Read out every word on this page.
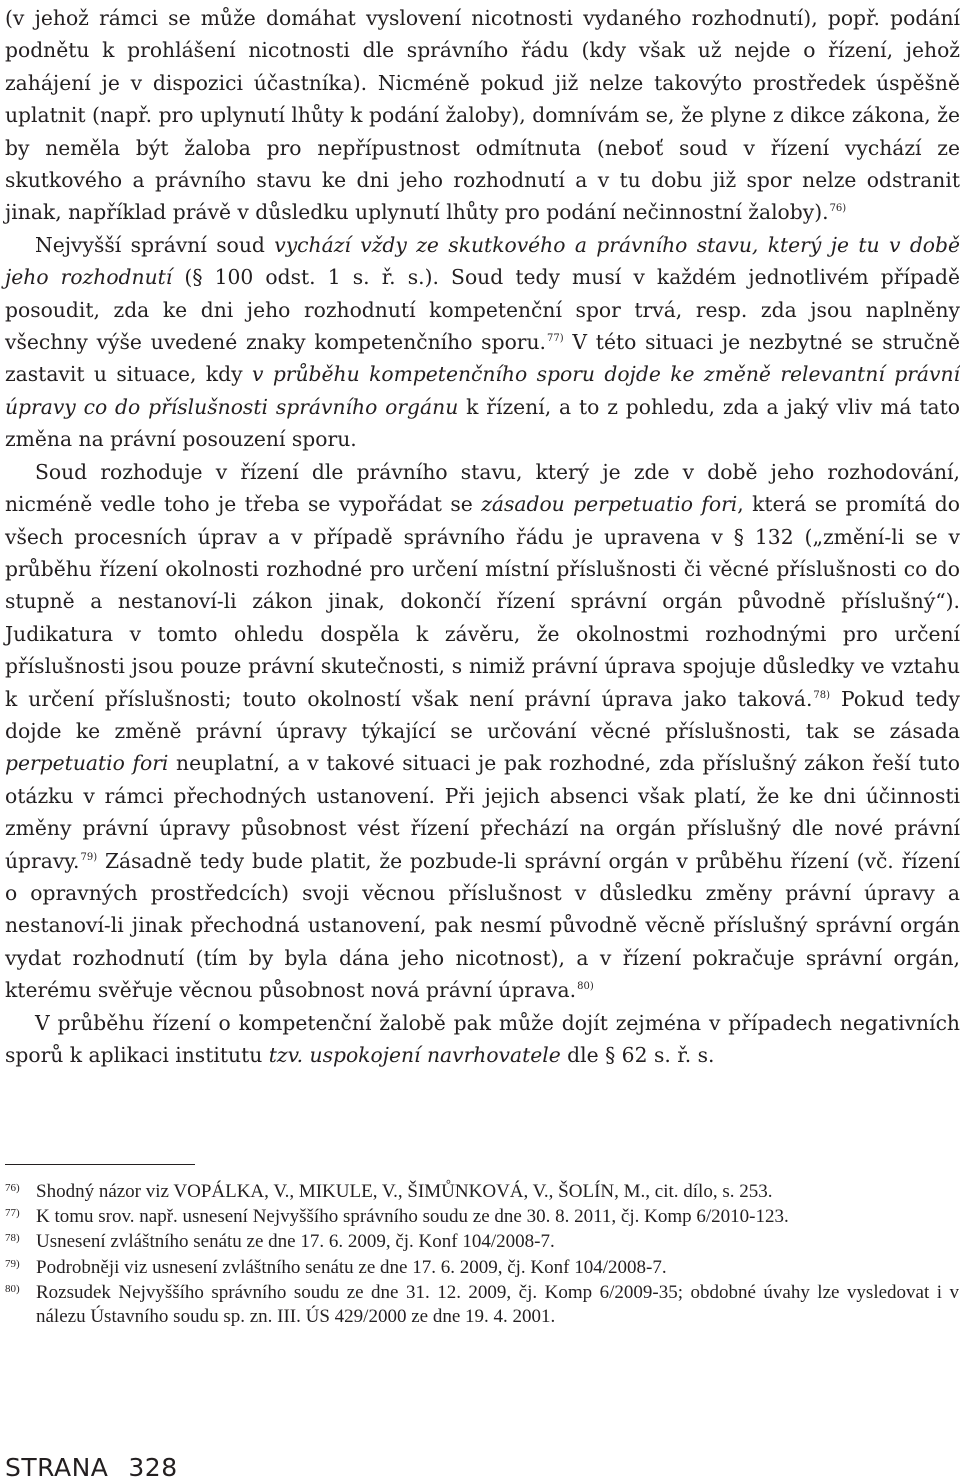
(v jehož rámci se může domáhat vyslovení nicotnosti vydaného rozhodnutí), popř. podání podnětu k prohlášení nicotnosti dle správního řádu (kdy však už nejde o řízení, jehož zahájení je v dispozici účastníka). Nicméně pokud již nelze takovýto prostředek úspěšně uplatnit (např. pro uplynutí lhůty k podání žaloby), domnívám se, že plyne z dikce zákona, že by neměla být žaloba pro nepřípustnost odmítnuta (neboť soud v řízení vychází ze skutkového a právního stavu ke dni jeho rozhodnutí a v tu dobu již spor nelze odstranit jinak, například právě v důsledku uplynutí lhůty pro podání nečinnostní žaloby).$^{76)}$

Nejvyšší správní soud vychází vždy ze skutkového a právního stavu, který je tu v době jeho rozhodnutí (§ 100 odst. 1 s. ř. s.). Soud tedy musí v každém jednotlivém případě posoudit, zda ke dni jeho rozhodnutí kompetenční spor trvá, resp. zda jsou naplněny všechny výše uvedené znaky kompetenčního sporu.$^{77)}$ V této situaci je nezbytné se stručně zastavit u situace, kdy v průběhu kompetenčního sporu dojde ke změně relevantní právní úpravy co do příslušnosti správního orgánu k řízení, a to z pohledu, zda a jaký vliv má tato změna na právní posouzení sporu.

Soud rozhoduje v řízení dle právního stavu, který je zde v době jeho rozhodování, nicméně vedle toho je třeba se vypořádat se zásadou perpetuatio fori, která se promítá do všech procesních úprav a v případě správního řádu je upravena v § 132 („změní-li se v průběhu řízení okolnosti rozhodné pro určení místní příslušnosti či věcné příslušnosti co do stupně a nestanoví-li zákon jinak, dokončí řízení správní orgán původně příslušný“). Judikatura v tomto ohledu dospěla k závěru, že okolnostmi rozhodnými pro určení příslušnosti jsou pouze právní skutečnosti, s nimiž právní úprava spojuje důsledky ve vztahu k určení příslušnosti; touto okolností však není právní úprava jako taková.$^{78)}$ Pokud tedy dojde ke změně právní úpravy týkající se určování věcné příslušnosti, tak se zásada perpetuatio fori neuplatní, a v takové situaci je pak rozhodné, zda příslušný zákon řeší tuto otázku v rámci přechodných ustanovení. Při jejich absenci však platí, že ke dni účinnosti změny právní úpravy působnost vést řízení přechází na orgán příslušný dle nové právní úpravy.$^{79)}$ Zásadně tedy bude platit, že pozbude-li správní orgán v průběhu řízení (vč. řízení o opravných prostředcích) svoji věcnou příslušnost v důsledku změny právní úpravy a nestanoví-li jinak přechodná ustanovení, pak nesmí původně věcně příslušný správní orgán vydat rozhodnutí (tím by byla dána jeho nicotnost), a v řízení pokračuje správní orgán, kterému svěřuje věcnou působnost nová právní úprava.$^{80)}$

V průběhu řízení o kompetenční žalobě pak může dojít zejména v případech negativních sporů k aplikaci institutu tzv. uspokojení navrhovatele dle § 62 s. ř. s.

76) Shodný názor viz VOPÁLKA, V., MIKULE, V., ŠIMŮNKOVÁ, V., ŠOLÍN, M., cit. dílo, s. 253.
77) K tomu srov. např. usnesení Nejvyššího správního soudu ze dne 30. 8. 2011, čj. Komp 6/2010-123.
78) Usnesení zvláštního senátu ze dne 17. 6. 2009, čj. Konf 104/2008-7.
79) Podrobněji viz usnesení zvláštního senátu ze dne 17. 6. 2009, čj. Konf 104/2008-7.
80) Rozsudek Nejvyššího správního soudu ze dne 31. 12. 2009, čj. Komp 6/2009-35; obdobné úvahy lze vysledovat i v nálezu Ústavního soudu sp. zn. III. ÚS 429/2000 ze dne 19. 4. 2001.
STRANA 328
